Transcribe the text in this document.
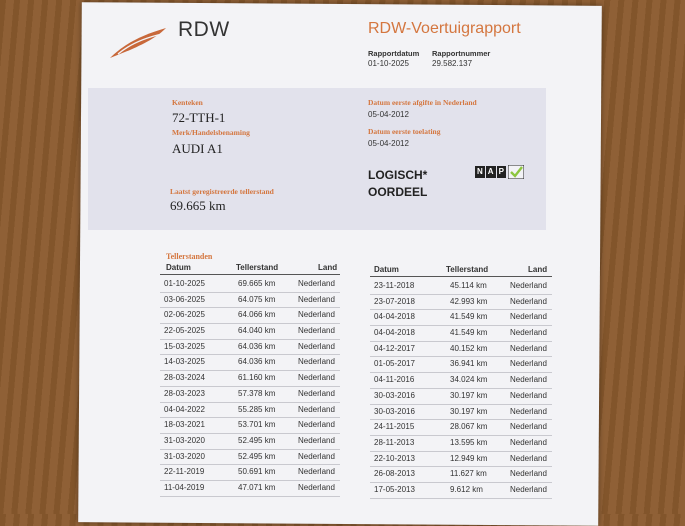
RDW	RDW-Voertuigrapport
Rapportdatum
01-10-2025
Rapportnummer
29.582.137
Kenteken
72-TTH-1
Merk/Handelsbenaming
AUDI A1
Laatst geregistreerde tellerstand
69.665 km
Datum eerste afgifte in Nederland
05-04-2012
Datum eerste toelating
05-04-2012
LOGISCH*
OORDEEL
N A P
Tellerstanden
Datum	Tellerstand	Land	Datum	Tellerstand	Land
01-10-2025	69.665 km	Nederland
03-06-2025	64.075 km	Nederland
02-06-2025	64.066 km	Nederland
22-05-2025	64.040 km	Nederland
15-03-2025	64.036 km	Nederland
14-03-2025	64.036 km	Nederland
28-03-2024	61.160 km	Nederland
28-03-2023	57.378 km	Nederland
04-04-2022	55.285 km	Nederland
18-03-2021	53.701 km	Nederland
31-03-2020	52.495 km	Nederland
31-03-2020	52.495 km	Nederland
22-11-2019	50.691 km	Nederland
11-04-2019	47.071 km	Nederland
23-11-2018	45.114 km	Nederland
23-07-2018	42.993 km	Nederland
04-04-2018	41.549 km	Nederland
04-04-2018	41.549 km	Nederland
04-12-2017	40.152 km	Nederland
01-05-2017	36.941 km	Nederland
04-11-2016	34.024 km	Nederland
30-03-2016	30.197 km	Nederland
30-03-2016	30.197 km	Nederland
24-11-2015	28.067 km	Nederland
28-11-2013	13.595 km	Nederland
22-10-2013	12.949 km	Nederland
26-08-2013	11.627 km	Nederland
17-05-2013	9.612 km	Nederland
